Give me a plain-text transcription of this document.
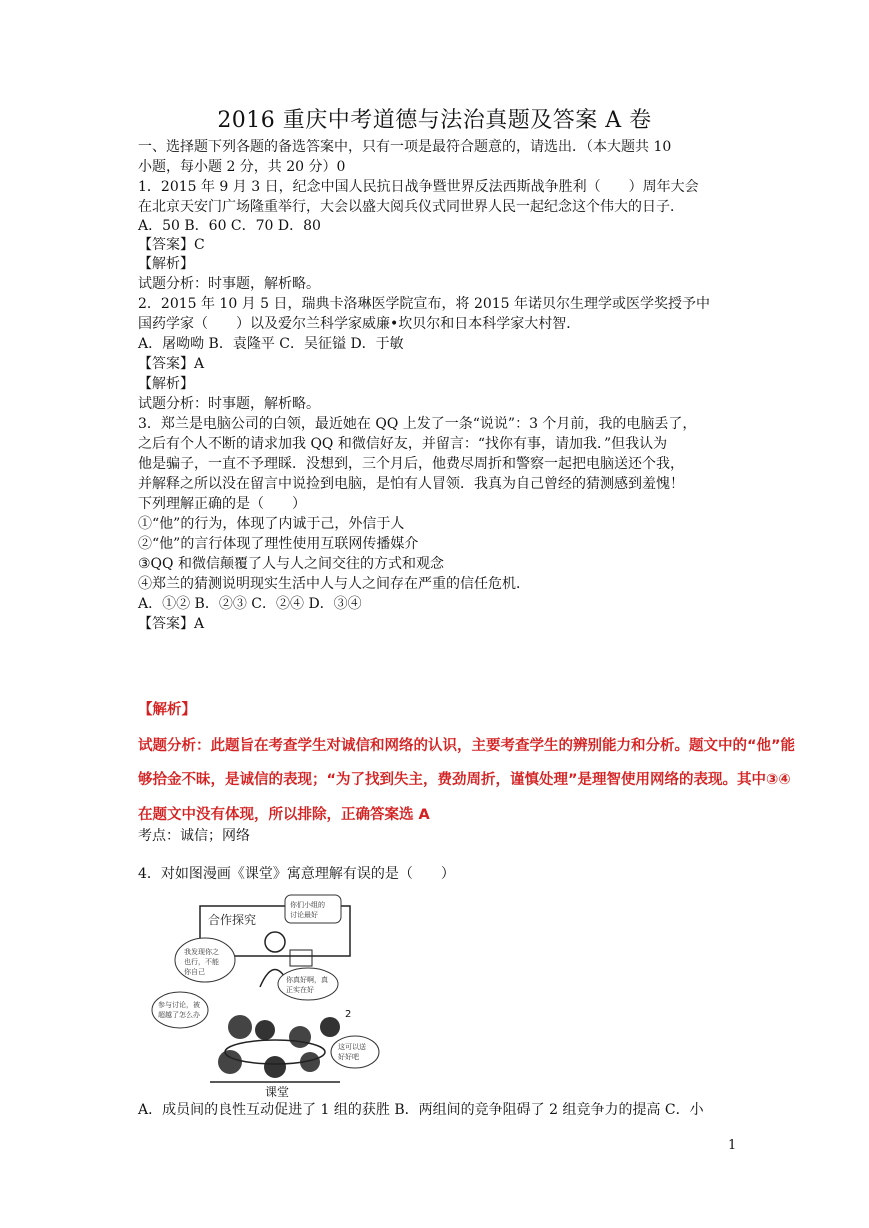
2016 重庆中考道德与法治真题及答案 A 卷
一、选择题下列各题的备选答案中，只有一项是最符合题意的，请选出．（本大题共 10
小题，每小题 2 分，共 20 分）0
1．2015 年 9 月 3 日，纪念中国人民抗日战争暨世界反法西斯战争胜利（　　）周年大会
在北京天安门广场隆重举行，大会以盛大阅兵仪式同世界人民一起纪念这个伟大的日子．
A．50 B．60 C．70 D．80
【答案】C
【解析】
试题分析：时事题，解析略。
2．2015 年 10 月 5 日，瑞典卡洛琳医学院宣布，将 2015 年诺贝尔生理学或医学奖授予中
国药学家（　　）以及爱尔兰科学家威廉•坎贝尔和日本科学家大村智．
A．屠呦呦 B．袁隆平 C．吴征镒 D．于敏
【答案】A
【解析】
试题分析：时事题，解析略。
3．郑兰是电脑公司的白领，最近她在 QQ 上发了一条“说说”：3 个月前，我的电脑丢了，
之后有个人不断的请求加我 QQ 和微信好友，并留言：“找你有事，请加我．”但我认为
他是骗子，一直不予理睬．没想到，三个月后，他费尽周折和警察一起把电脑送还个我，
并解释之所以没在留言中说捡到电脑，是怕有人冒领．我真为自己曾经的猜测感到羞愧！
下列理解正确的是（　　）
①“他”的行为，体现了内诚于己，外信于人
②“他”的言行体现了理性使用互联网传播媒介
③QQ 和微信颠覆了人与人之间交往的方式和观念
④郑兰的猜测说明现实生活中人与人之间存在严重的信任危机．
A．①② B．②③ C．②④ D．③④
【答案】A
【解析】
试题分析：此题旨在考查学生对诚信和网络的认识，主要考查学生的辨别能力和分析。题文中的“他”能
够拾金不昧，是诚信的表现；“为了找到失主，费劲周折，谨慎处理”是理智使用网络的表现。其中③④
在题文中没有体现，所以排除，正确答案选 A
考点：诚信；网络
4．对如图漫画《课堂》寓意理解有误的是（　　）
合作探究
你们小组的
讨论最好
我发现你之
也行，不能
你自己
参与讨论，被
超越了怎么办
你真好啊，真
正实在好
这可以送
好好吧
2
课堂
A．成员间的良性互动促进了 1 组的获胜 B．两组间的竞争阻碍了 2 组竞争力的提高 C．小
1
